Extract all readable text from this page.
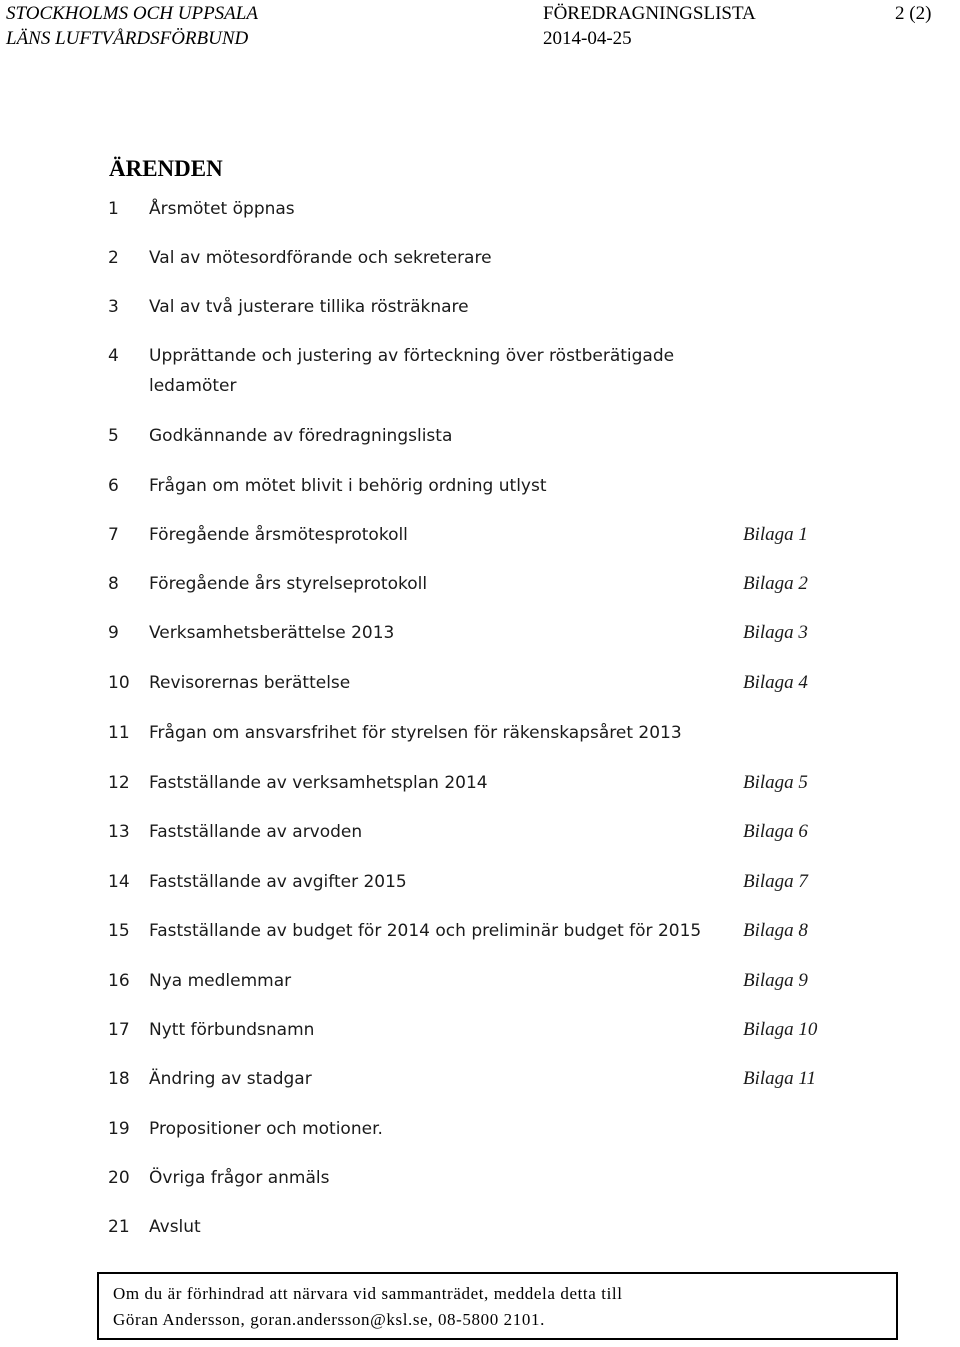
STOCKHOLMS OCH UPPSALA
LÄNS LUFTVÅRDSFÖRBUND
FÖREDRAGNINGSLISTA
2014-04-25
2 (2)
ÄRENDEN
1 Årsmötet öppnas
2 Val av mötesordförande och sekreterare
3 Val av två justerare tillika rösträknare
4 Upprättande och justering av förteckning över röstberätigade
ledamöter
5 Godkännande av föredragningslista
6 Frågan om mötet blivit i behörig ordning utlyst
7 Föregående årsmötesprotokoll	Bilaga 1
8 Föregående års styrelseprotokoll	Bilaga 2
9 Verksamhetsberättelse 2013	Bilaga 3
10 Revisorernas berättelse	Bilaga 4
11 Frågan om ansvarsfrihet för styrelsen för räkenskapsåret 2013
12 Fastställande av verksamhetsplan 2014	Bilaga 5
13 Fastställande av arvoden	Bilaga 6
14 Fastställande av avgifter 2015	Bilaga 7
15 Fastställande av budget för 2014 och preliminär budget för 2015	Bilaga 8
16 Nya medlemmar	Bilaga 9
17 Nytt förbundsnamn	Bilaga 10
18 Ändring av stadgar	Bilaga 11
19 Propositioner och motioner.
20 Övriga frågor anmäls
21 Avslut
Om du är förhindrad att närvara vid sammanträdet, meddela detta till
Göran Andersson, goran.andersson@ksl.se, 08-5800 2101.
